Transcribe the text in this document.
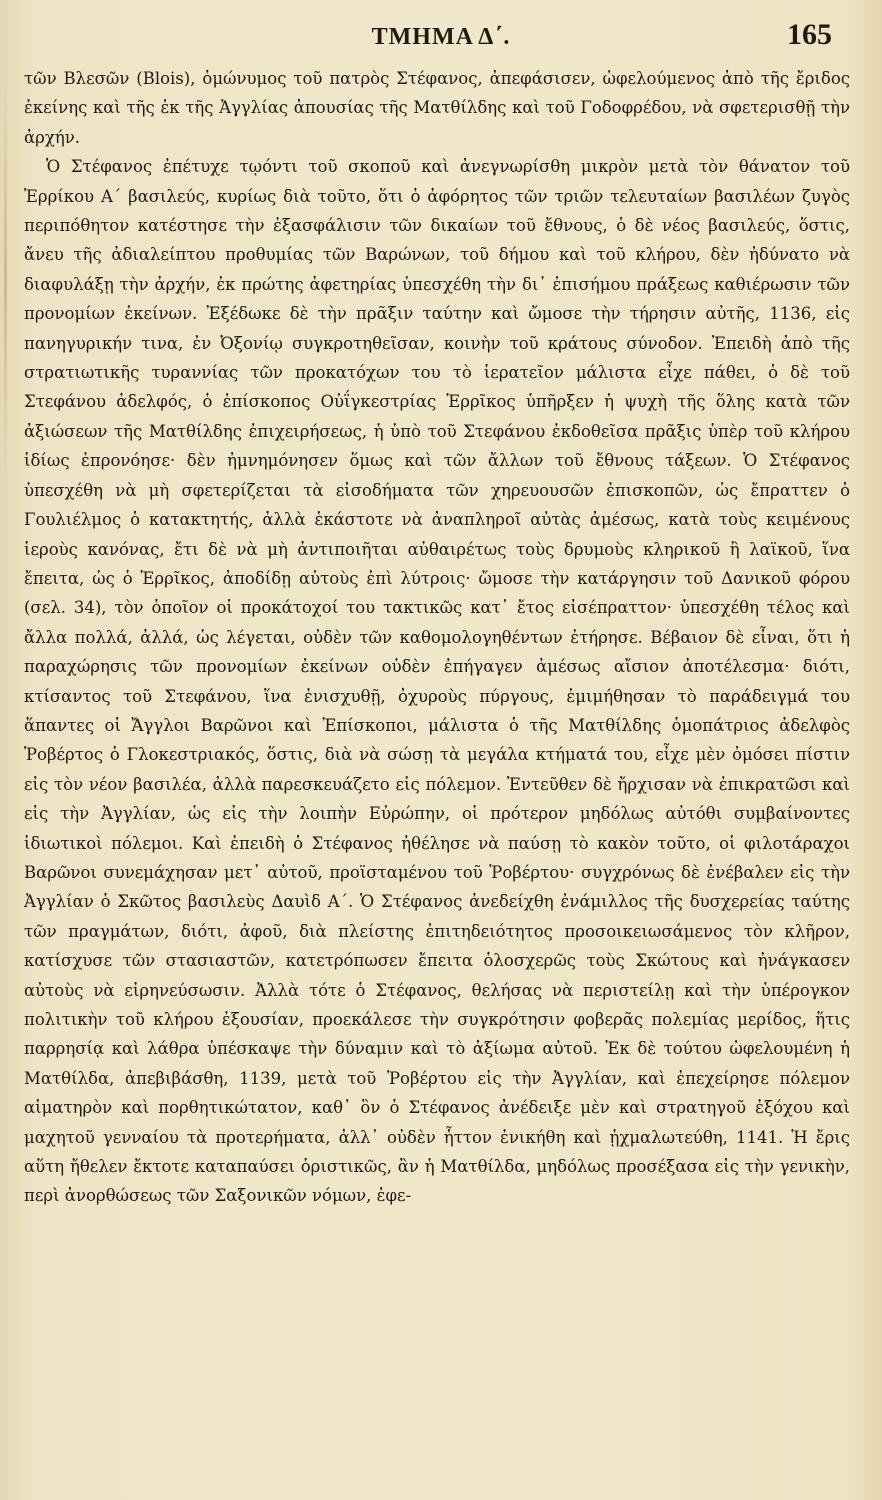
ΤΜΗΜΑ Δ΄.	165

τῶν Βλεσῶν (Blois), ὁμώνυμος τοῦ πατρὸς Στέφανος, ἀπεφάσισεν, ὠφελούμενος ἀπὸ τῆς ἔριδος ἐκείνης καὶ τῆς ἐκ τῆς Ἀγγλίας ἀπουσίας τῆς Ματθίλδης καὶ τοῦ Γοδοφρέδου, νὰ σφετερισθῇ τὴν ἀρχήν.

Ὁ Στέφανος ἐπέτυχε τῳόντι τοῦ σκοποῦ καὶ ἀνεγνωρίσθη μικρὸν μετὰ τὸν θάνατον τοῦ Ἑρρίκου Α΄ βασιλεύς, κυρίως διὰ τοῦτο, ὅτι ὁ ἀφόρητος τῶν τριῶν τελευταίων βασιλέων ζυγὸς περιπόθητον κατέστησε τὴν ἐξασφάλισιν τῶν δικαίων τοῦ ἔθνους, ὁ δὲ νέος βασιλεύς, ὅστις, ἄνευ τῆς ἀδιαλείπτου προθυμίας τῶν Βαρώνων, τοῦ δήμου καὶ τοῦ κλήρου, δὲν ἠδύνατο νὰ διαφυλάξῃ τὴν ἀρχήν, ἐκ πρώτης ἀφετηρίας ὑπεσχέθη τὴν δι᾿ ἐπισήμου πράξεως καθιέρωσιν τῶν προνομίων ἐκείνων. Ἐξέδωκε δὲ τὴν πρᾶξιν ταύτην καὶ ὤμοσε τὴν τήρησιν αὐτῆς, 1136, εἰς πανηγυρικήν τινα, ἐν Ὀξονίῳ συγκροτηθεῖσαν, κοινὴν τοῦ κράτους σύνοδον. Ἐπειδὴ ἀπὸ τῆς στρατιωτικῆς τυραννίας τῶν προκατόχων του τὸ ἱερατεῖον μάλιστα εἶχε πάθει, ὁ δὲ τοῦ Στεφάνου ἀδελφός, ὁ ἐπίσκοπος Οὐΐγκεστρίας Ἑρρῖκος ὑπῆρξεν ἡ ψυχὴ τῆς ὅλης κατὰ τῶν ἀξιώσεων τῆς Ματθίλδης ἐπιχειρήσεως, ἡ ὑπὸ τοῦ Στεφάνου ἐκδοθεῖσα πρᾶξις ὑπὲρ τοῦ κλήρου ἰδίως ἐπρονόησε· δὲν ἠμνημόνησεν ὅμως καὶ τῶν ἄλλων τοῦ ἔθνους τάξεων. Ὁ Στέφανος ὑπεσχέθη νὰ μὴ σφετερίζεται τὰ εἰσοδήματα τῶν χηρευουσῶν ἐπισκοπῶν, ὡς ἔπραττεν ὁ Γουλιέλμος ὁ κατακτητής, ἀλλὰ ἑκάστοτε νὰ ἀναπληροῖ αὐτὰς ἀμέσως, κατὰ τοὺς κειμένους ἱεροὺς κανόνας, ἔτι δὲ νὰ μὴ ἀντιποιῆται αὐθαιρέτως τοὺς δρυμοὺς κληρικοῦ ἢ λαϊκοῦ, ἵνα ἔπειτα, ὡς ὁ Ἑρρῖκος, ἀποδίδῃ αὐτοὺς ἐπὶ λύτροις· ὤμοσε τὴν κατάργησιν τοῦ Δανικοῦ φόρου (σελ. 34), τὸν ὁποῖον οἱ προκάτοχοί του τακτικῶς κατ᾿ ἔτος εἰσέπραττον· ὑπεσχέθη τέλος καὶ ἄλλα πολλά, ἀλλά, ὡς λέγεται, οὐδὲν τῶν καθομολογηθέντων ἐτήρησε. Βέβαιον δὲ εἶναι, ὅτι ἡ παραχώρησις τῶν προνομίων ἐκείνων οὐδὲν ἐπήγαγεν ἀμέσως αἴσιον ἀποτέλεσμα· διότι, κτίσαντος τοῦ Στεφάνου, ἵνα ἐνισχυθῇ, ὀχυροὺς πύργους, ἐμιμήθησαν τὸ παράδειγμά του ἅπαντες οἱ Ἄγγλοι Βαρῶνοι καὶ Ἐπίσκοποι, μάλιστα ὁ τῆς Ματθίλδης ὁμοπάτριος ἀδελφὸς Ῥοβέρτος ὁ Γλοκεστριακός, ὅστις, διὰ νὰ σώσῃ τὰ μεγάλα κτήματά του, εἶχε μὲν ὀμόσει πίστιν εἰς τὸν νέον βασιλέα, ἀλλὰ παρεσκευάζετο εἰς πόλεμον. Ἐντεῦθεν δὲ ἤρχισαν νὰ ἐπικρατῶσι καὶ εἰς τὴν Ἀγγλίαν, ὡς εἰς τὴν λοιπὴν Εὐρώπην, οἱ πρότερον μηδόλως αὐτόθι συμβαίνοντες ἰδιωτικοὶ πόλεμοι. Καὶ ἐπειδὴ ὁ Στέφανος ἠθέλησε νὰ παύσῃ τὸ κακὸν τοῦτο, οἱ φιλοτάραχοι Βαρῶνοι συνεμάχησαν μετ᾿ αὐτοῦ, προϊσταμένου τοῦ Ῥοβέρτου· συγχρόνως δὲ ἐνέβαλεν εἰς τὴν Ἀγγλίαν ὁ Σκῶτος βασιλεὺς Δαυὶδ Α΄. Ὁ Στέφανος ἀνεδείχθη ἐνάμιλλος τῆς δυσχερείας ταύτης τῶν πραγμάτων, διότι, ἀφοῦ, διὰ πλείστης ἐπιτηδειότητος προσοικειωσάμενος τὸν κλῆρον, κατίσχυσε τῶν στασιαστῶν, κατετρόπωσεν ἔπειτα ὁλοσχερῶς τοὺς Σκώτους καὶ ἠνάγκασεν αὐτοὺς νὰ εἰρηνεύσωσιν. Ἀλλὰ τότε ὁ Στέφανος, θελήσας νὰ περιστείλῃ καὶ τὴν ὑπέρογκον πολιτικὴν τοῦ κλήρου ἐξουσίαν, προεκάλεσε τὴν συγκρότησιν φοβερᾶς πολεμίας μερίδος, ἥτις παρρησίᾳ καὶ λάθρα ὑπέσκαψε τὴν δύναμιν καὶ τὸ ἀξίωμα αὐτοῦ. Ἐκ δὲ τούτου ὠφελουμένη ἡ Ματθίλδα, ἀπεβιβάσθη, 1139, μετὰ τοῦ Ῥοβέρτου εἰς τὴν Ἀγγλίαν, καὶ ἐπεχείρησε πόλεμον αἱματηρὸν καὶ πορθητικώτατον, καθ᾿ ὃν ὁ Στέφανος ἀνέδειξε μὲν καὶ στρατηγοῦ ἐξόχου καὶ μαχητοῦ γενναίου τὰ προτερήματα, ἀλλ᾿ οὐδὲν ἧττον ἐνικήθη καὶ ᾐχμαλωτεύθη, 1141. Ἡ ἔρις αὕτη ἤθελεν ἔκτοτε καταπαύσει ὁριστικῶς, ἂν ἡ Ματθίλδα, μηδόλως προσέξασα εἰς τὴν γενικὴν, περὶ ἀνορθώσεως τῶν Σαξονικῶν νόμων, ἐφε-
